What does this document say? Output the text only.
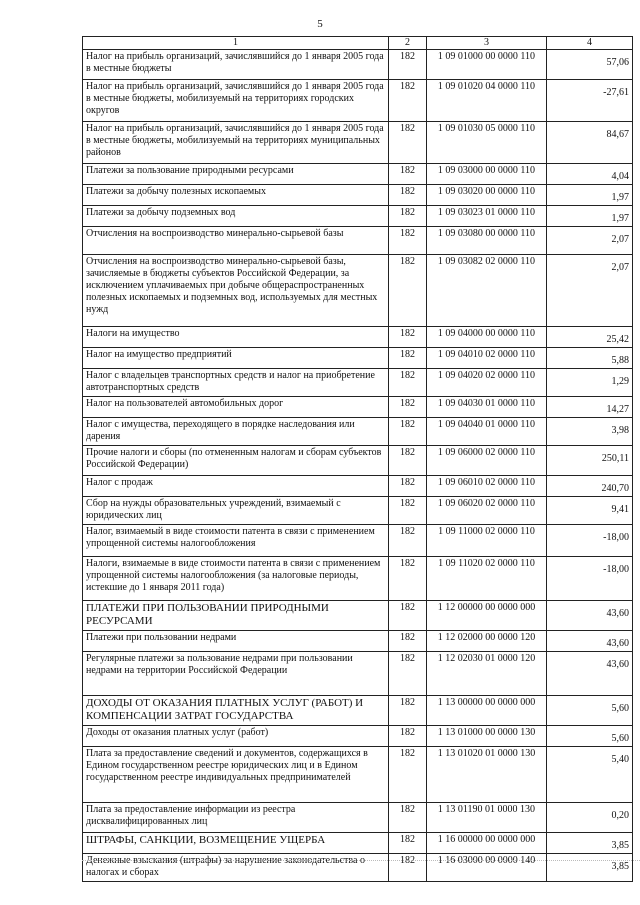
5
1	2	3	4
Налог на прибыль организаций, зачислявшийся до 1 января 2005 года в местные бюджеты	182	1 09 01000 00 0000 110	57,06
Налог на прибыль организаций, зачислявшийся до 1 января 2005 года в местные бюджеты, мобилизуемый на территориях городских округов	182	1 09 01020 04 0000 110	-27,61
Налог на прибыль организаций, зачислявшийся до 1 января 2005 года в местные бюджеты, мобилизуемый на территориях муниципальных районов	182	1 09 01030 05 0000 110	84,67
Платежи за пользование природными ресурсами	182	1 09 03000 00 0000 110	4,04
Платежи за добычу полезных ископаемых	182	1 09 03020 00 0000 110	1,97
Платежи за добычу подземных вод	182	1 09 03023 01 0000 110	1,97
Отчисления на воспроизводство минерально-сырьевой базы	182	1 09 03080 00 0000 110	2,07
Отчисления на воспроизводство минерально-сырьевой базы, зачисляемые в бюджеты субъектов Российской Федерации, за исключением уплачиваемых при добыче общераспространенных полезных ископаемых и подземных вод, используемых для местных нужд	182	1 09 03082 02 0000 110	2,07
Налоги на имущество	182	1 09 04000 00 0000 110	25,42
Налог на имущество предприятий	182	1 09 04010 02 0000 110	5,88
Налог с владельцев транспортных средств и налог на приобретение автотранспортных средств	182	1 09 04020 02 0000 110	1,29
Налог на пользователей автомобильных дорог	182	1 09 04030 01 0000 110	14,27
Налог с имущества, переходящего в порядке наследования или дарения	182	1 09 04040 01 0000 110	3,98
Прочие налоги и сборы (по отмененным налогам и сборам субъектов Российской Федерации)	182	1 09 06000 02 0000 110	250,11
Налог с продаж	182	1 09 06010 02 0000 110	240,70
Сбор на нужды образовательных учреждений, взимаемый с юридических лиц	182	1 09 06020 02 0000 110	9,41
Налог, взимаемый в виде стоимости патента в связи с применением упрощенной системы налогообложения	182	1 09 11000 02 0000 110	-18,00
Налоги, взимаемые в виде стоимости патента в связи с применением упрощенной системы налогообложения (за налоговые периоды, истекшие до 1 января 2011 года)	182	1 09 11020 02 0000 110	-18,00
ПЛАТЕЖИ ПРИ ПОЛЬЗОВАНИИ ПРИРОДНЫМИ РЕСУРСАМИ	182	1 12 00000 00 0000 000	43,60
Платежи при пользовании недрами	182	1 12 02000 00 0000 120	43,60
Регулярные платежи за пользование недрами при пользовании недрами на территории Российской Федерации	182	1 12 02030 01 0000 120	43,60
ДОХОДЫ ОТ ОКАЗАНИЯ ПЛАТНЫХ УСЛУГ (РАБОТ) И КОМПЕНСАЦИИ ЗАТРАТ ГОСУДАРСТВА	182	1 13 00000 00 0000 000	5,60
Доходы от оказания платных услуг (работ)	182	1 13 01000 00 0000 130	5,60
Плата за предоставление сведений и документов, содержащихся в Едином государственном реестре юридических лиц и в Едином государственном реестре индивидуальных предпринимателей	182	1 13 01020 01 0000 130	5,40
Плата за предоставление информации из реестра дисквалифицированных лиц	182	1 13 01190 01 0000 130	0,20
ШТРАФЫ, САНКЦИИ, ВОЗМЕЩЕНИЕ УЩЕРБА	182	1 16 00000 00 0000 000	3,85
Денежные взыскания (штрафы) за нарушение законодательства о налогах и сборах	182	1 16 03000 00 0000 140	3,85
